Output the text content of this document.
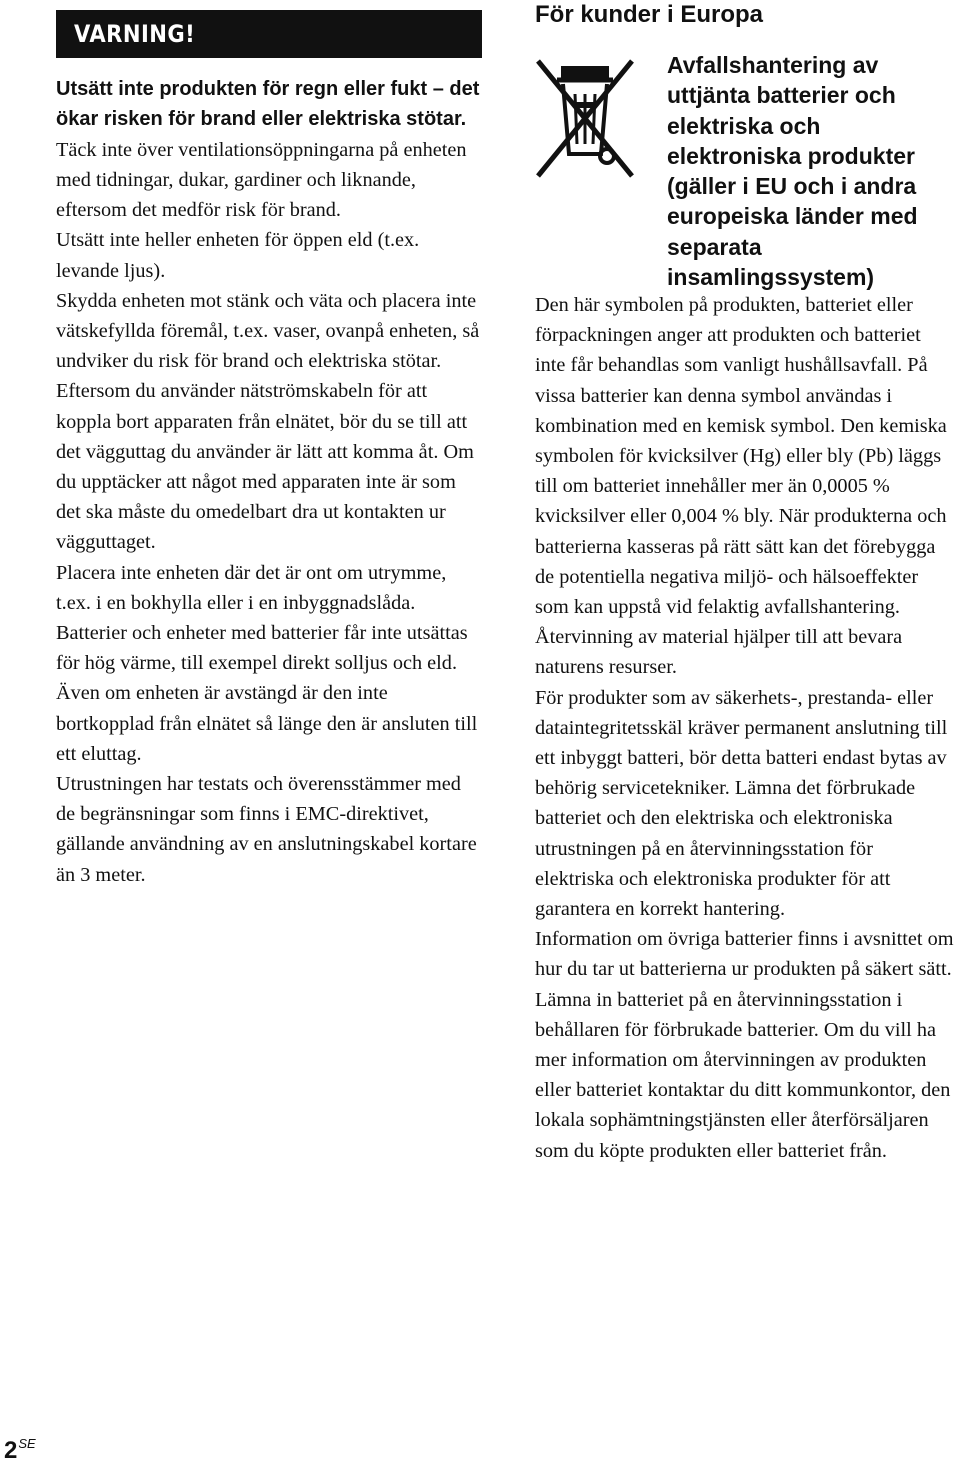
VARNING!

Utsätt inte produkten för regn eller fukt – det ökar risken för brand eller elektriska stötar.

Täck inte över ventilationsöppningarna på enheten med tidningar, dukar, gardiner och liknande, eftersom det medför risk för brand.

Utsätt inte heller enheten för öppen eld (t.ex. levande ljus).

Skydda enheten mot stänk och väta och placera inte vätskefyllda föremål, t.ex. vaser, ovanpå enheten, så undviker du risk för brand och elektriska stötar.

Eftersom du använder nätströmskabeln för att koppla bort apparaten från elnätet, bör du se till att det vägguttag du använder är lätt att komma åt. Om du upptäcker att något med apparaten inte är som det ska måste du omedelbart dra ut kontakten ur vägguttaget.

Placera inte enheten där det är ont om utrymme, t.ex. i en bokhylla eller i en inbyggnadslåda.

Batterier och enheter med batterier får inte utsättas för hög värme, till exempel direkt solljus och eld.

Även om enheten är avstängd är den inte bortkopplad från elnätet så länge den är ansluten till ett eluttag.

Utrustningen har testats och överensstämmer med de begränsningar som finns i EMC-direktivet, gällande användning av en anslutningskabel kortare än 3 meter.

För kunder i Europa
Avfallshantering av uttjänta batterier och elektriska och elektroniska produkter (gäller i EU och i andra europeiska länder med separata insamlingssystem)

Den här symbolen på produkten, batteriet eller förpackningen anger att produkten och batteriet inte får behandlas som vanligt hushållsavfall. På vissa batterier kan denna symbol användas i kombination med en kemisk symbol. Den kemiska symbolen för kvicksilver (Hg) eller bly (Pb) läggs till om batteriet innehåller mer än 0,0005 % kvicksilver eller 0,004 % bly. När produkterna och batterierna kasseras på rätt sätt kan det förebygga de potentiella negativa miljö- och hälsoeffekter som kan uppstå vid felaktig avfallshantering. Återvinning av material hjälper till att bevara naturens resurser.

För produkter som av säkerhets-, prestanda- eller dataintegritetsskäl kräver permanent anslutning till ett inbyggt batteri, bör detta batteri endast bytas av behörig servicetekniker. Lämna det förbrukade batteriet och den elektriska och elektroniska utrustningen på en återvinningsstation för elektriska och elektroniska produkter för att garantera en korrekt hantering.

Information om övriga batterier finns i avsnittet om hur du tar ut batterierna ur produkten på säkert sätt. Lämna in batteriet på en återvinningsstation i behållaren för förbrukade batterier. Om du vill ha mer information om återvinningen av produkten eller batteriet kontaktar du ditt kommunkontor, den lokala sophämtningstjänsten eller återförsäljaren som du köpte produkten eller batteriet från.

$2^{SE}$
